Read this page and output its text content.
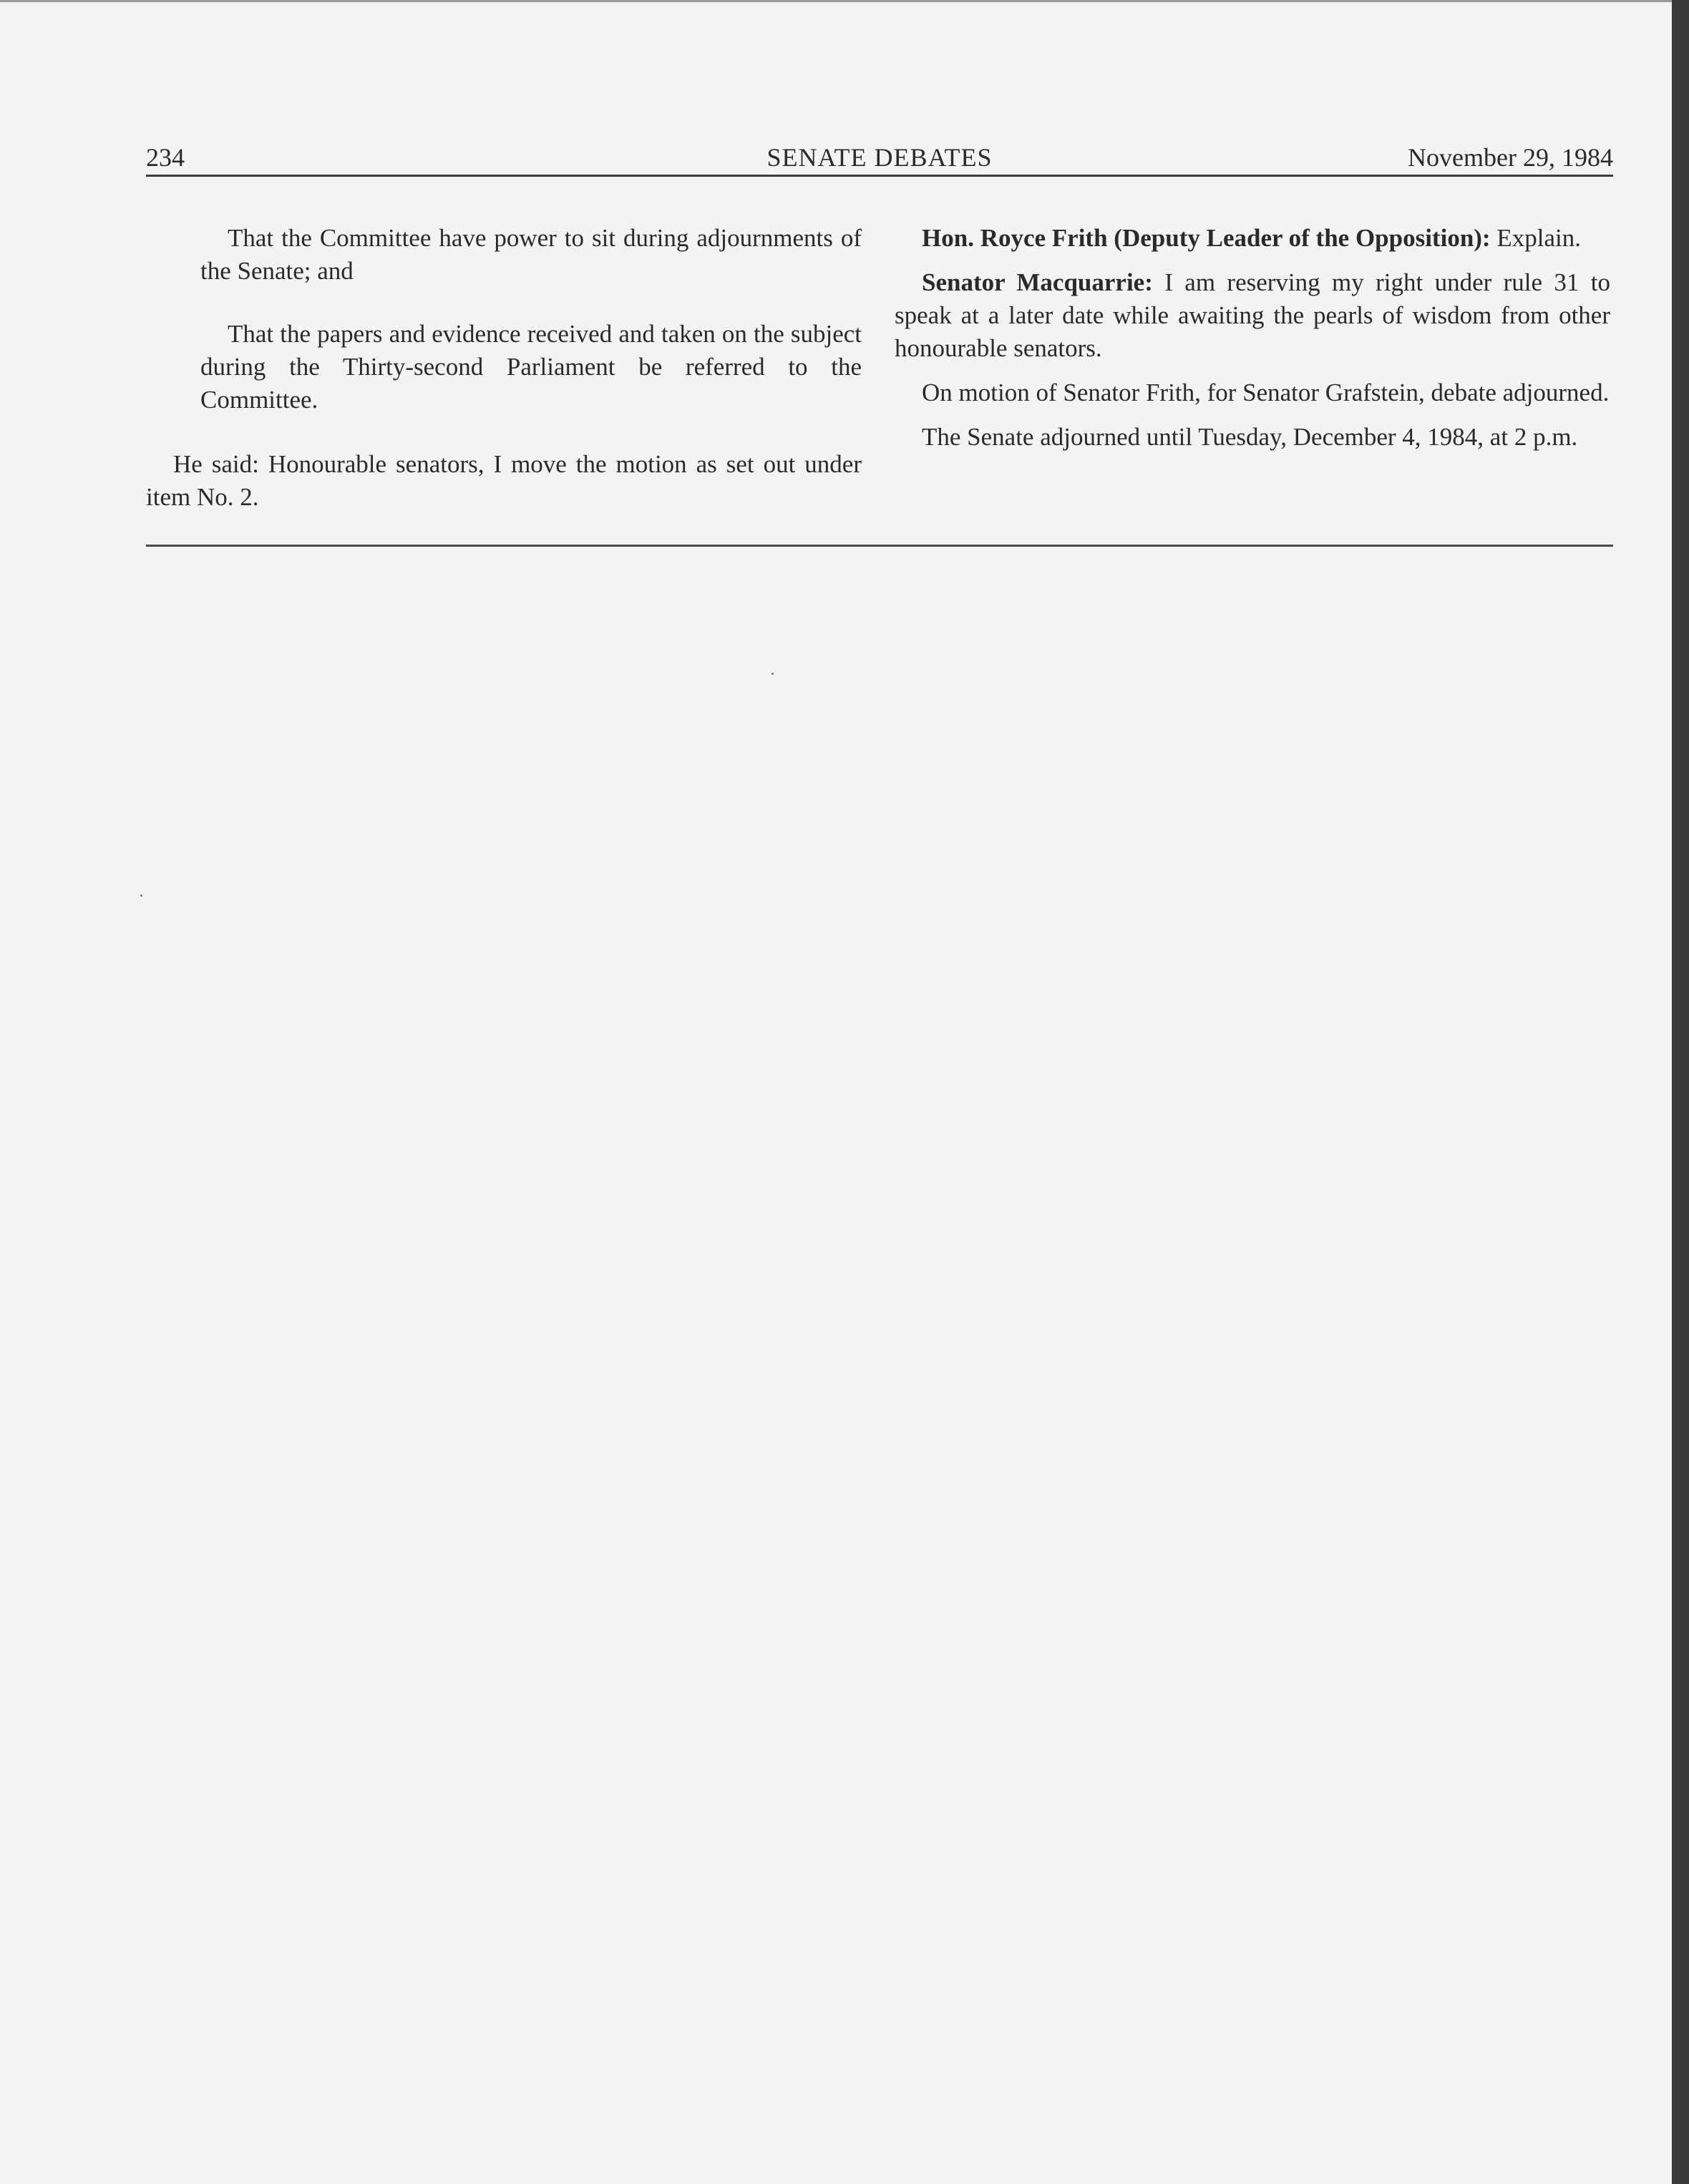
234	SENATE DEBATES	November 29, 1984

That the Committee have power to sit during adjournments of the Senate; and

That the papers and evidence received and taken on the subject during the Thirty-second Parliament be referred to the Committee.

He said: Honourable senators, I move the motion as set out under item No. 2.

Hon. Royce Frith (Deputy Leader of the Opposition): Explain.

Senator Macquarrie: I am reserving my right under rule 31 to speak at a later date while awaiting the pearls of wisdom from other honourable senators.

On motion of Senator Frith, for Senator Grafstein, debate adjourned.

The Senate adjourned until Tuesday, December 4, 1984, at 2 p.m.
